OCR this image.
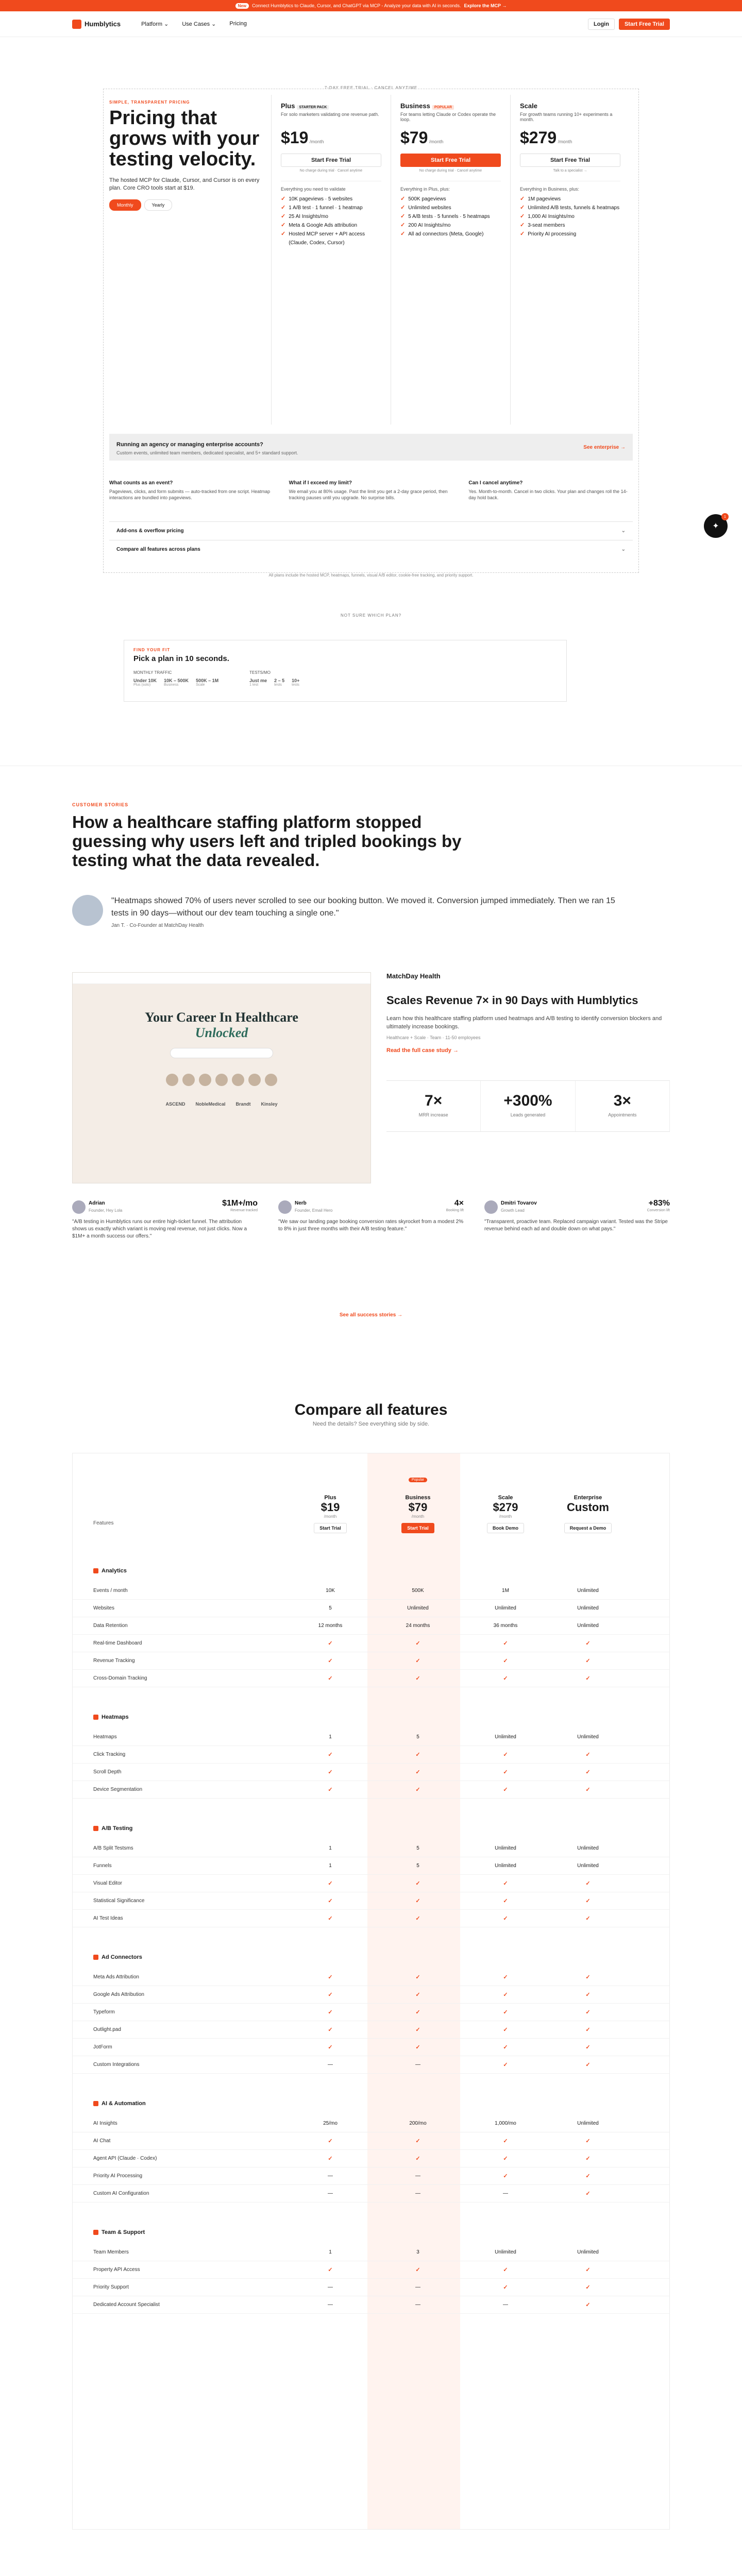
New	Connect Humblytics to Claude, Cursor, and ChatGPT via MCP - Analyze your data with AI in seconds. Explore the MCP →
Humblytics	Platform ⌄ Use Cases ⌄ Pricing	Login	Start Free Trial
7-DAY FREE TRIAL · CANCEL ANYTIME
SIMPLE, TRANSPARENT PRICING
Pricing that grows with your testing velocity.

The hosted MCP for Claude, Cursor, and Cursor is on every plan. Core CRO tools start at $19.

Monthly	Yearly
Plus STARTER PACK
For solo marketers validating one revenue path.
$19 /month
Start Free Trial
No charge during trial · Cancel anytime
Everything you need to validate
✓ 10K pageviews · 5 websites
✓ 1 A/B test · 1 funnel · 1 heatmap
✓ 25 AI Insights/mo
✓ Meta & Google Ads attribution
✓ Hosted MCP server + API access (Claude, Codex, Cursor)
Business POPULAR
For teams letting Claude or Codex operate the loop.
$79 /month
Start Free Trial
No charge during trial · Cancel anytime
Everything in Plus, plus:
✓ 500K pageviews
✓ Unlimited websites
✓ 5 A/B tests · 5 funnels · 5 heatmaps
✓ 200 AI Insights/mo
✓ All ad connectors (Meta, Google)
Scale
For growth teams running 10+ experiments a month.
$279 /month
Start Free Trial
Talk to a specialist →
Everything in Business, plus:
✓ 1M pageviews
✓ Unlimited A/B tests, funnels & heatmaps
✓ 1,000 AI Insights/mo
✓ 3-seat members
✓ Priority AI processing
Running an agency or managing enterprise accounts?
Custom events, unlimited team members, dedicated specialist, and 5+ standard support.
See enterprise →
What counts as an event?
Pageviews, clicks, and form submits — auto-tracked from one script. Heatmap interactions are bundled into pageviews.
What if I exceed my limit?
We email you at 80% usage. Past the limit you get a 2-day grace period, then tracking pauses until you upgrade. No surprise bills.
Can I cancel anytime?
Yes. Month-to-month. Cancel in two clicks. Your plan and changes roll the 14-day hold back.
Add-ons & overflow pricing	⌄
Compare all features across plans	⌄
All plans include the hosted MCP, heatmaps, funnels, visual A/B editor, cookie-free tracking, and priority support.
✦
1
NOT SURE WHICH PLAN?
FIND YOUR FIT
Pick a plan in 10 seconds.
MONTHLY TRAFFIC
Under 10K
Plus (solo)
10K – 500K
Business
500K – 1M
Scale
TESTS/MO
Just me
1 test
2 – 5
tests
10+
tests
CUSTOMER STORIES
How a healthcare staffing platform stopped guessing why users left and tripled bookings by testing what the data revealed.

"Heatmaps showed 70% of users never scrolled to see our booking button. We moved it. Conversion jumped immediately. Then we ran 15 tests in 90 days—without our dev team touching a single one."

Jan T. · Co-Founder at MatchDay Health
Your Career In Healthcare
Unlocked
ASCEND NobleMedical Brandt Kinsley
MatchDay Health
Scales Revenue 7× in 90 Days with Humblytics

Learn how this healthcare staffing platform used heatmaps and A/B testing to identify conversion blockers and ultimately increase bookings.

Healthcare + Scale · Team · 11-50 employees
Read the full case study →
7×
MRR increase
+300%
Leads generated
3×
Appointments
Adrian
Founder, Hey Lola
$1M+/mo
Revenue tracked
"A/B testing in Humblytics runs our entire high-ticket funnel. The attribution shows us exactly which variant is moving real revenue, not just clicks. Now a $1M+ a month success our offers."
Nerb
Founder, Email Hero
4×
Booking lift
"We saw our landing page booking conversion rates skyrocket from a modest 2% to 8% in just three months with their A/B testing feature."
Dmitri Tovarov
Growth Lead
+83%
Conversion lift
"Transparent, proactive team. Replaced campaign variant. Tested was the Stripe revenue behind each ad and double down on what pays."
See all success stories →
Compare all features
Need the details? See everything side by side.
Features
Plus
$19
/month
Start Trial
Popular
Business
$79
/month
Start Trial
Scale
$279
/month
Book Demo
Enterprise
Custom

Request a Demo
Analytics
Events / month	10K	500K	1M	Unlimited
Websites	5	Unlimited	Unlimited	Unlimited
Data Retention	12 months	24 months	36 months	Unlimited
Real-time Dashboard	✓	✓	✓	✓
Revenue Tracking	✓	✓	✓	✓
Cross-Domain Tracking	✓	✓	✓	✓
Heatmaps
Heatmaps	1	5	Unlimited	Unlimited
Click Tracking	✓	✓	✓	✓
Scroll Depth	✓	✓	✓	✓
Device Segmentation	✓	✓	✓	✓
A/B Testing
A/B Split Testsms	1	5	Unlimited	Unlimited
Funnels	1	5	Unlimited	Unlimited
Visual Editor	✓	✓	✓	✓
Statistical Significance	✓	✓	✓	✓
AI Test Ideas	✓	✓	✓	✓
Ad Connectors
Meta Ads Attribution	✓	✓	✓	✓
Google Ads Attribution	✓	✓	✓	✓
Typeform	✓	✓	✓	✓
Outlight.pad	✓	✓	✓	✓
JotForm	✓	✓	✓	✓
Custom Integrations	—	—	✓	✓
AI & Automation
AI Insights	25/mo	200/mo	1,000/mo	Unlimited
AI Chat	✓	✓	✓	✓
Agent API (Claude · Codex)	✓	✓	✓	✓
Priority AI Processing	—	—	✓	✓
Custom AI Configuration	—	—	—	✓
Team & Support
Team Members	1	3	Unlimited	Unlimited
Property API Access	✓	✓	✓	✓
Priority Support	—	—	✓	✓
Dedicated Account Specialist	—	—	—	✓
